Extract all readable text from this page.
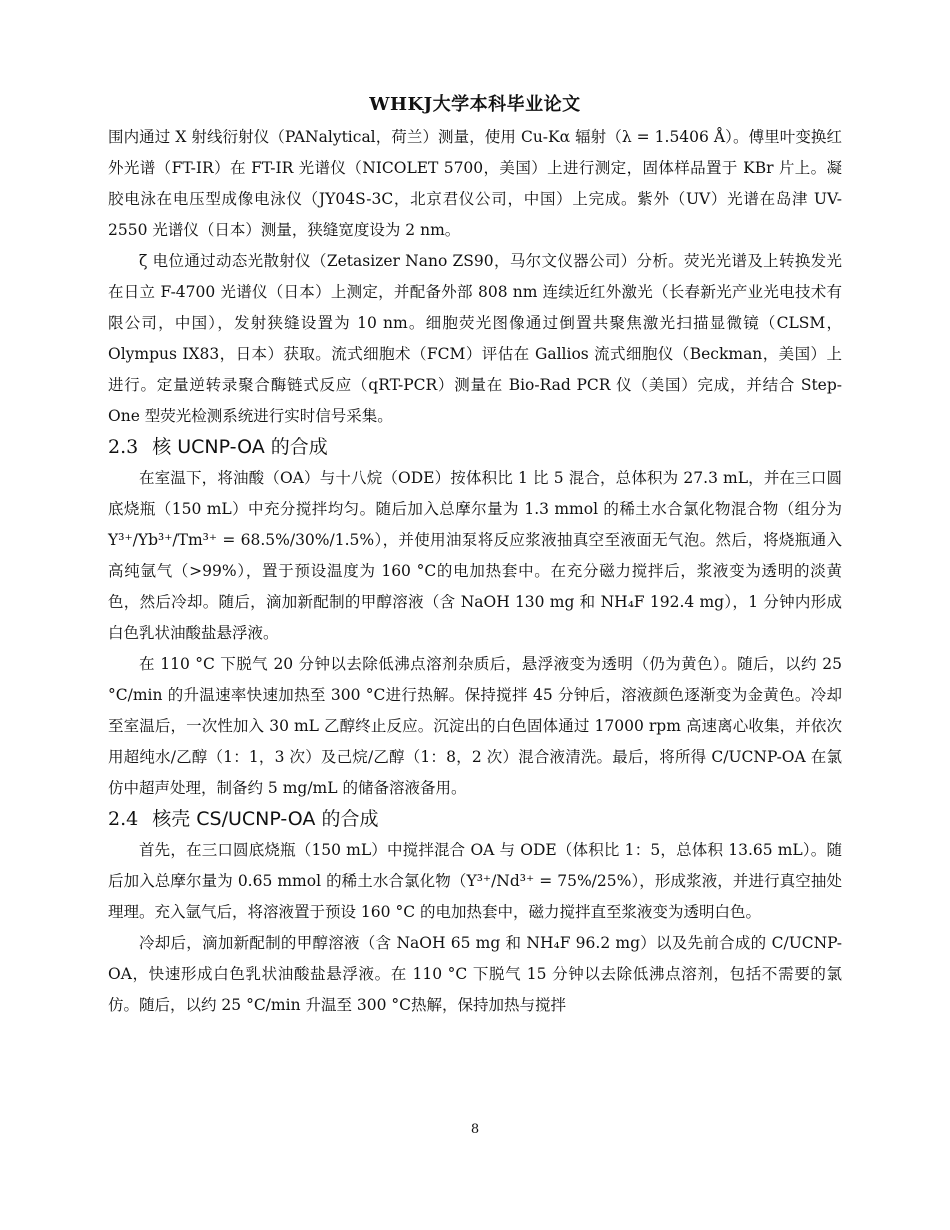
WHKJ大学本科毕业论文

围内通过 X 射线衍射仪（PANalytical，荷兰）测量，使用 Cu-Kα 辐射（λ = 1.5406 Å）。傅里叶变换红外光谱（FT-IR）在 FT-IR 光谱仪（NICOLET 5700，美国）上进行测定，固体样品置于 KBr 片上。凝胶电泳在电压型成像电泳仪（JY04S-3C，北京君仪公司，中国）上完成。紫外（UV）光谱在岛津 UV-2550 光谱仪（日本）测量，狭缝宽度设为 2 nm。

ζ 电位通过动态光散射仪（Zetasizer Nano ZS90，马尔文仪器公司）分析。荧光光谱及上转换发光在日立 F-4700 光谱仪（日本）上测定，并配备外部 808 nm 连续近红外激光（长春新光产业光电技术有限公司，中国），发射狭缝设置为 10 nm。细胞荧光图像通过倒置共聚焦激光扫描显微镜（CLSM，Olympus IX83，日本）获取。流式细胞术（FCM）评估在 Gallios 流式细胞仪（Beckman，美国）上进行。定量逆转录聚合酶链式反应（qRT-PCR）测量在 Bio-Rad PCR 仪（美国）完成，并结合 Step-One 型荧光检测系统进行实时信号采集。

2.3 核 UCNP-OA 的合成

在室温下，将油酸（OA）与十八烷（ODE）按体积比 1 比 5 混合，总体积为 27.3 mL，并在三口圆底烧瓶（150 mL）中充分搅拌均匀。随后加入总摩尔量为 1.3 mmol 的稀土水合氯化物混合物（组分为 Y³⁺/Yb³⁺/Tm³⁺ = 68.5%/30%/1.5%），并使用油泵将反应浆液抽真空至液面无气泡。然后，将烧瓶通入高纯氩气（>99%），置于预设温度为 160 °C的电加热套中。在充分磁力搅拌后，浆液变为透明的淡黄色，然后冷却。随后，滴加新配制的甲醇溶液（含 NaOH 130 mg 和 NH₄F 192.4 mg），1 分钟内形成白色乳状油酸盐悬浮液。

在 110 °C 下脱气 20 分钟以去除低沸点溶剂杂质后，悬浮液变为透明（仍为黄色）。随后，以约 25 °C/min 的升温速率快速加热至 300 °C进行热解。保持搅拌 45 分钟后，溶液颜色逐渐变为金黄色。冷却至室温后，一次性加入 30 mL 乙醇终止反应。沉淀出的白色固体通过 17000 rpm 高速离心收集，并依次用超纯水/乙醇（1：1，3 次）及己烷/乙醇（1：8，2 次）混合液清洗。最后，将所得 C/UCNP-OA 在氯仿中超声处理，制备约 5 mg/mL 的储备溶液备用。

2.4 核壳 CS/UCNP-OA 的合成

首先，在三口圆底烧瓶（150 mL）中搅拌混合 OA 与 ODE（体积比 1：5，总体积 13.65 mL）。随后加入总摩尔量为 0.65 mmol 的稀土水合氯化物（Y³⁺/Nd³⁺ = 75%/25%），形成浆液，并进行真空抽处理理。充入氩气后，将溶液置于预设 160 °C 的电加热套中，磁力搅拌直至浆液变为透明白色。

冷却后，滴加新配制的甲醇溶液（含 NaOH 65 mg 和 NH₄F 96.2 mg）以及先前合成的 C/UCNP-OA，快速形成白色乳状油酸盐悬浮液。在 110 °C 下脱气 15 分钟以去除低沸点溶剂，包括不需要的氯仿。随后，以约 25 °C/min 升温至 300 °C热解，保持加热与搅拌

8
